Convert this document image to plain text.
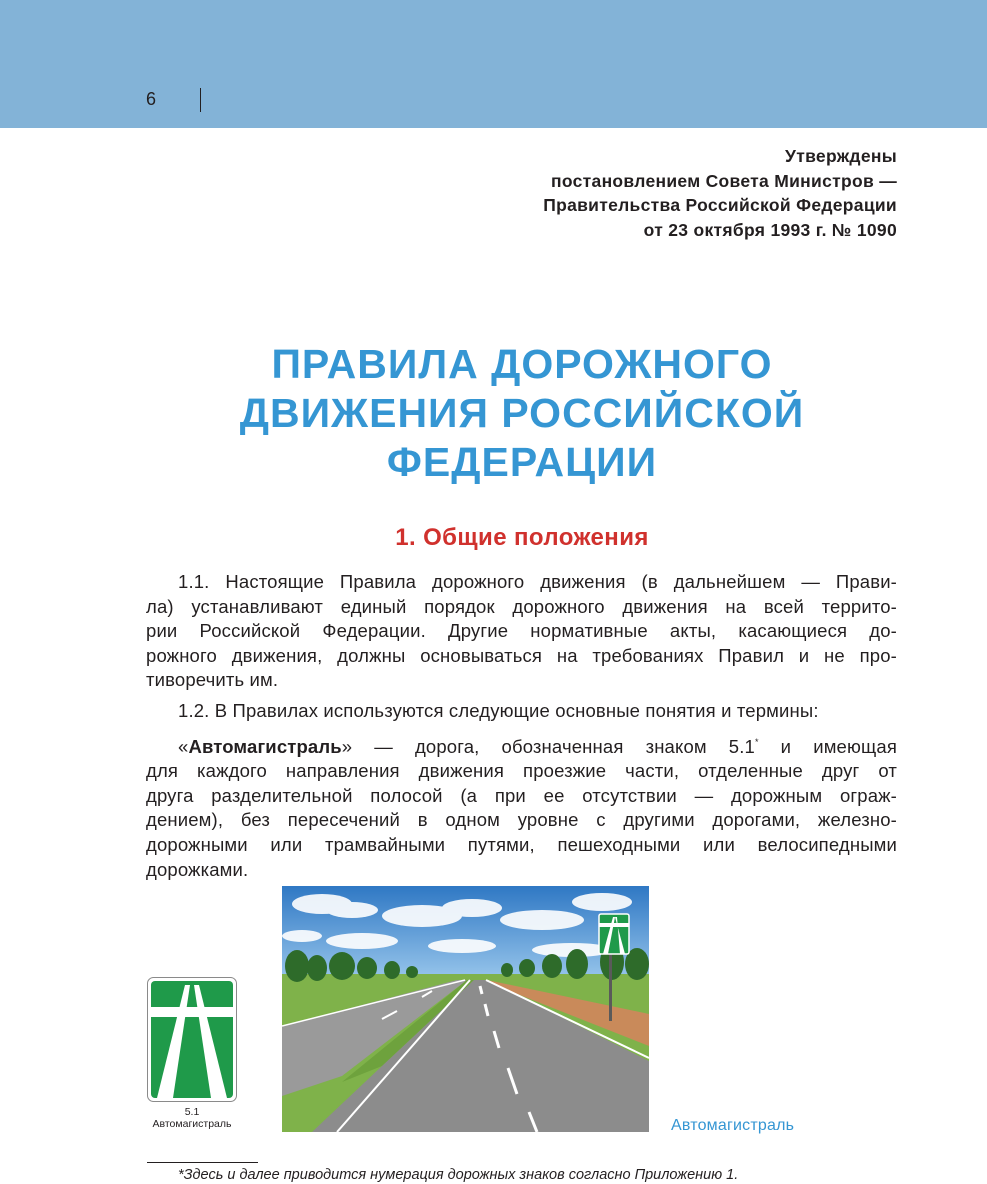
6
Утверждены
постановлением Совета Министров —
Правительства Российской Федерации
от 23 октября 1993 г. № 1090
ПРАВИЛА ДОРОЖНОГО
ДВИЖЕНИЯ РОССИЙСКОЙ
ФЕДЕРАЦИИ
1. Общие положения
1.1. Настоящие Правила дорожного движения (в дальнейшем — Прави-
ла) устанавливают единый порядок дорожного движения на всей террито-
рии Российской Федерации. Другие нормативные акты, касающиеся до-
рожного движения, должны основываться на требованиях Правил и не про-
тиворечить им.
1.2. В Правилах используются следующие основные понятия и термины:
«Автомагистраль» — дорога, обозначенная знаком 5.1* и имеющая
для каждого направления движения проезжие части, отделенные друг от
друга разделительной полосой (а при ее отсутствии — дорожным ограж-
дением), без пересечений в одном уровне с другими дорогами, железно-
дорожными или трамвайными путями, пешеходными или велосипедными
дорожками.
5.1
Автомагистраль	Автомагистраль
*Здесь и далее приводится нумерация дорожных знаков согласно Приложению 1.
